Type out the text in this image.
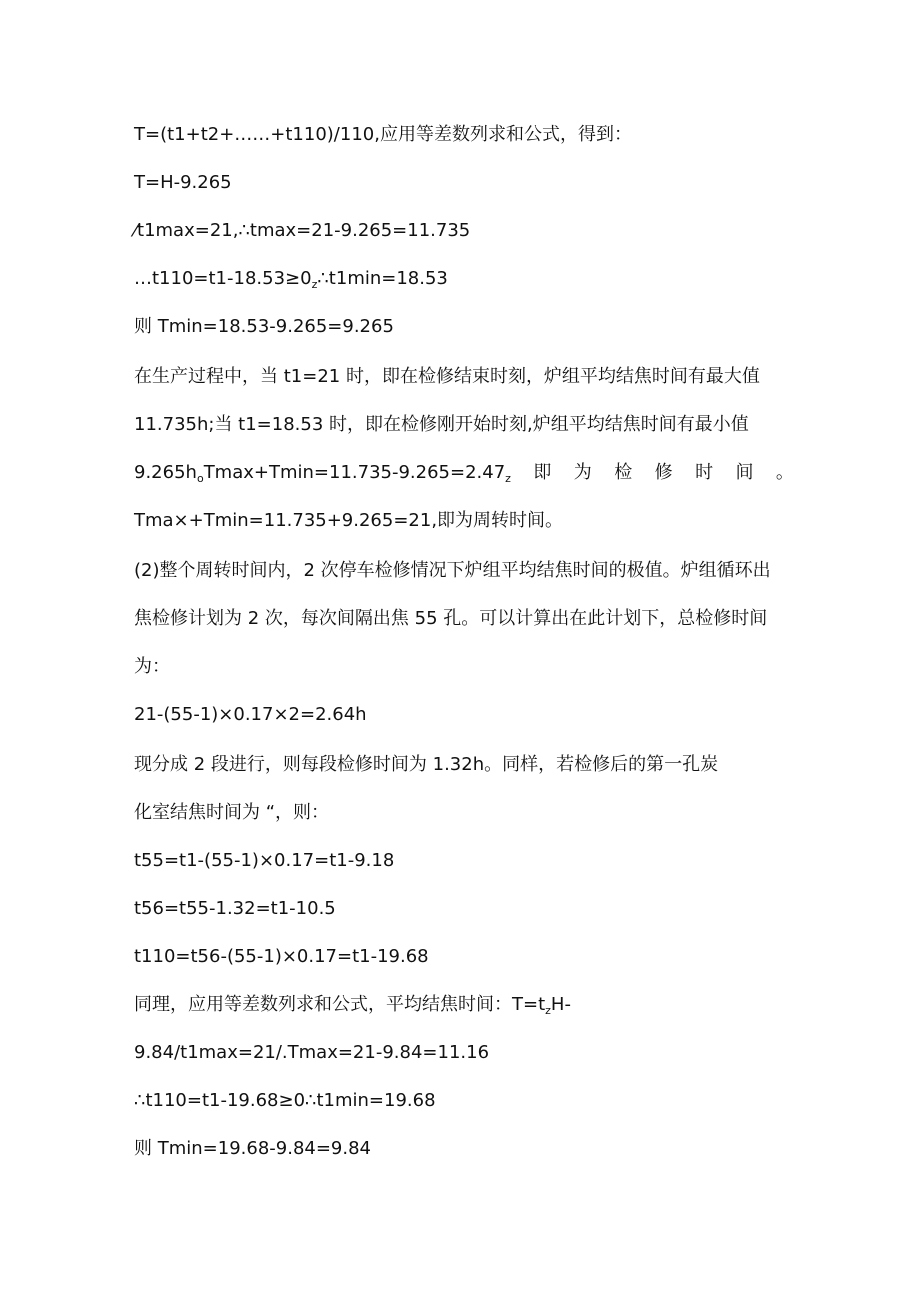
T=(t1+t2+……+t110)/110,应用等差数列求和公式，得到：
T=H-9.265
⁄t1max=21,∴tmax=21-9.265=11.735
$\dots t110=t1-18.53\ge 0_z\therefore t1\min=18.53$
则 Tmin=18.53-9.265=9.265
在生产过程中，当 t1=21 时，即在检修结束时刻，炉组平均结焦时间有最大值
11.735h;当 t1=18.53 时，即在检修刚开始时刻,炉组平均结焦时间有最小值
$9.265h_oTmax+Tmin=11.735-9.265=2.47_z$ 即 为 检 修 时 间 。
Tma×+Tmin=11.735+9.265=21,即为周转时间。
(2)整个周转时间内，2 次停车检修情况下炉组平均结焦时间的极值。炉组循环出
焦检修计划为 2 次，每次间隔出焦 55 孔。可以计算出在此计划下，总检修时间
为：
21-(55-1)×0.17×2=2.64h
现分成 2 段进行，则每段检修时间为 1.32h。同样，若检修后的第一孔炭
化室结焦时间为 “，则：
t55=t1-(55-1)×0.17=t1-9.18
t56=t55-1.32=t1-10.5
t110=t56-(55-1)×0.17=t1-19.68
同理，应用等差数列求和公式，平均结焦时间：$T=t_zH-$
9.84/t1max=21/.Tmax=21-9.84=11.16
∴t110=t1-19.68≥0∴t1min=19.68
则 Tmin=19.68-9.84=9.84
